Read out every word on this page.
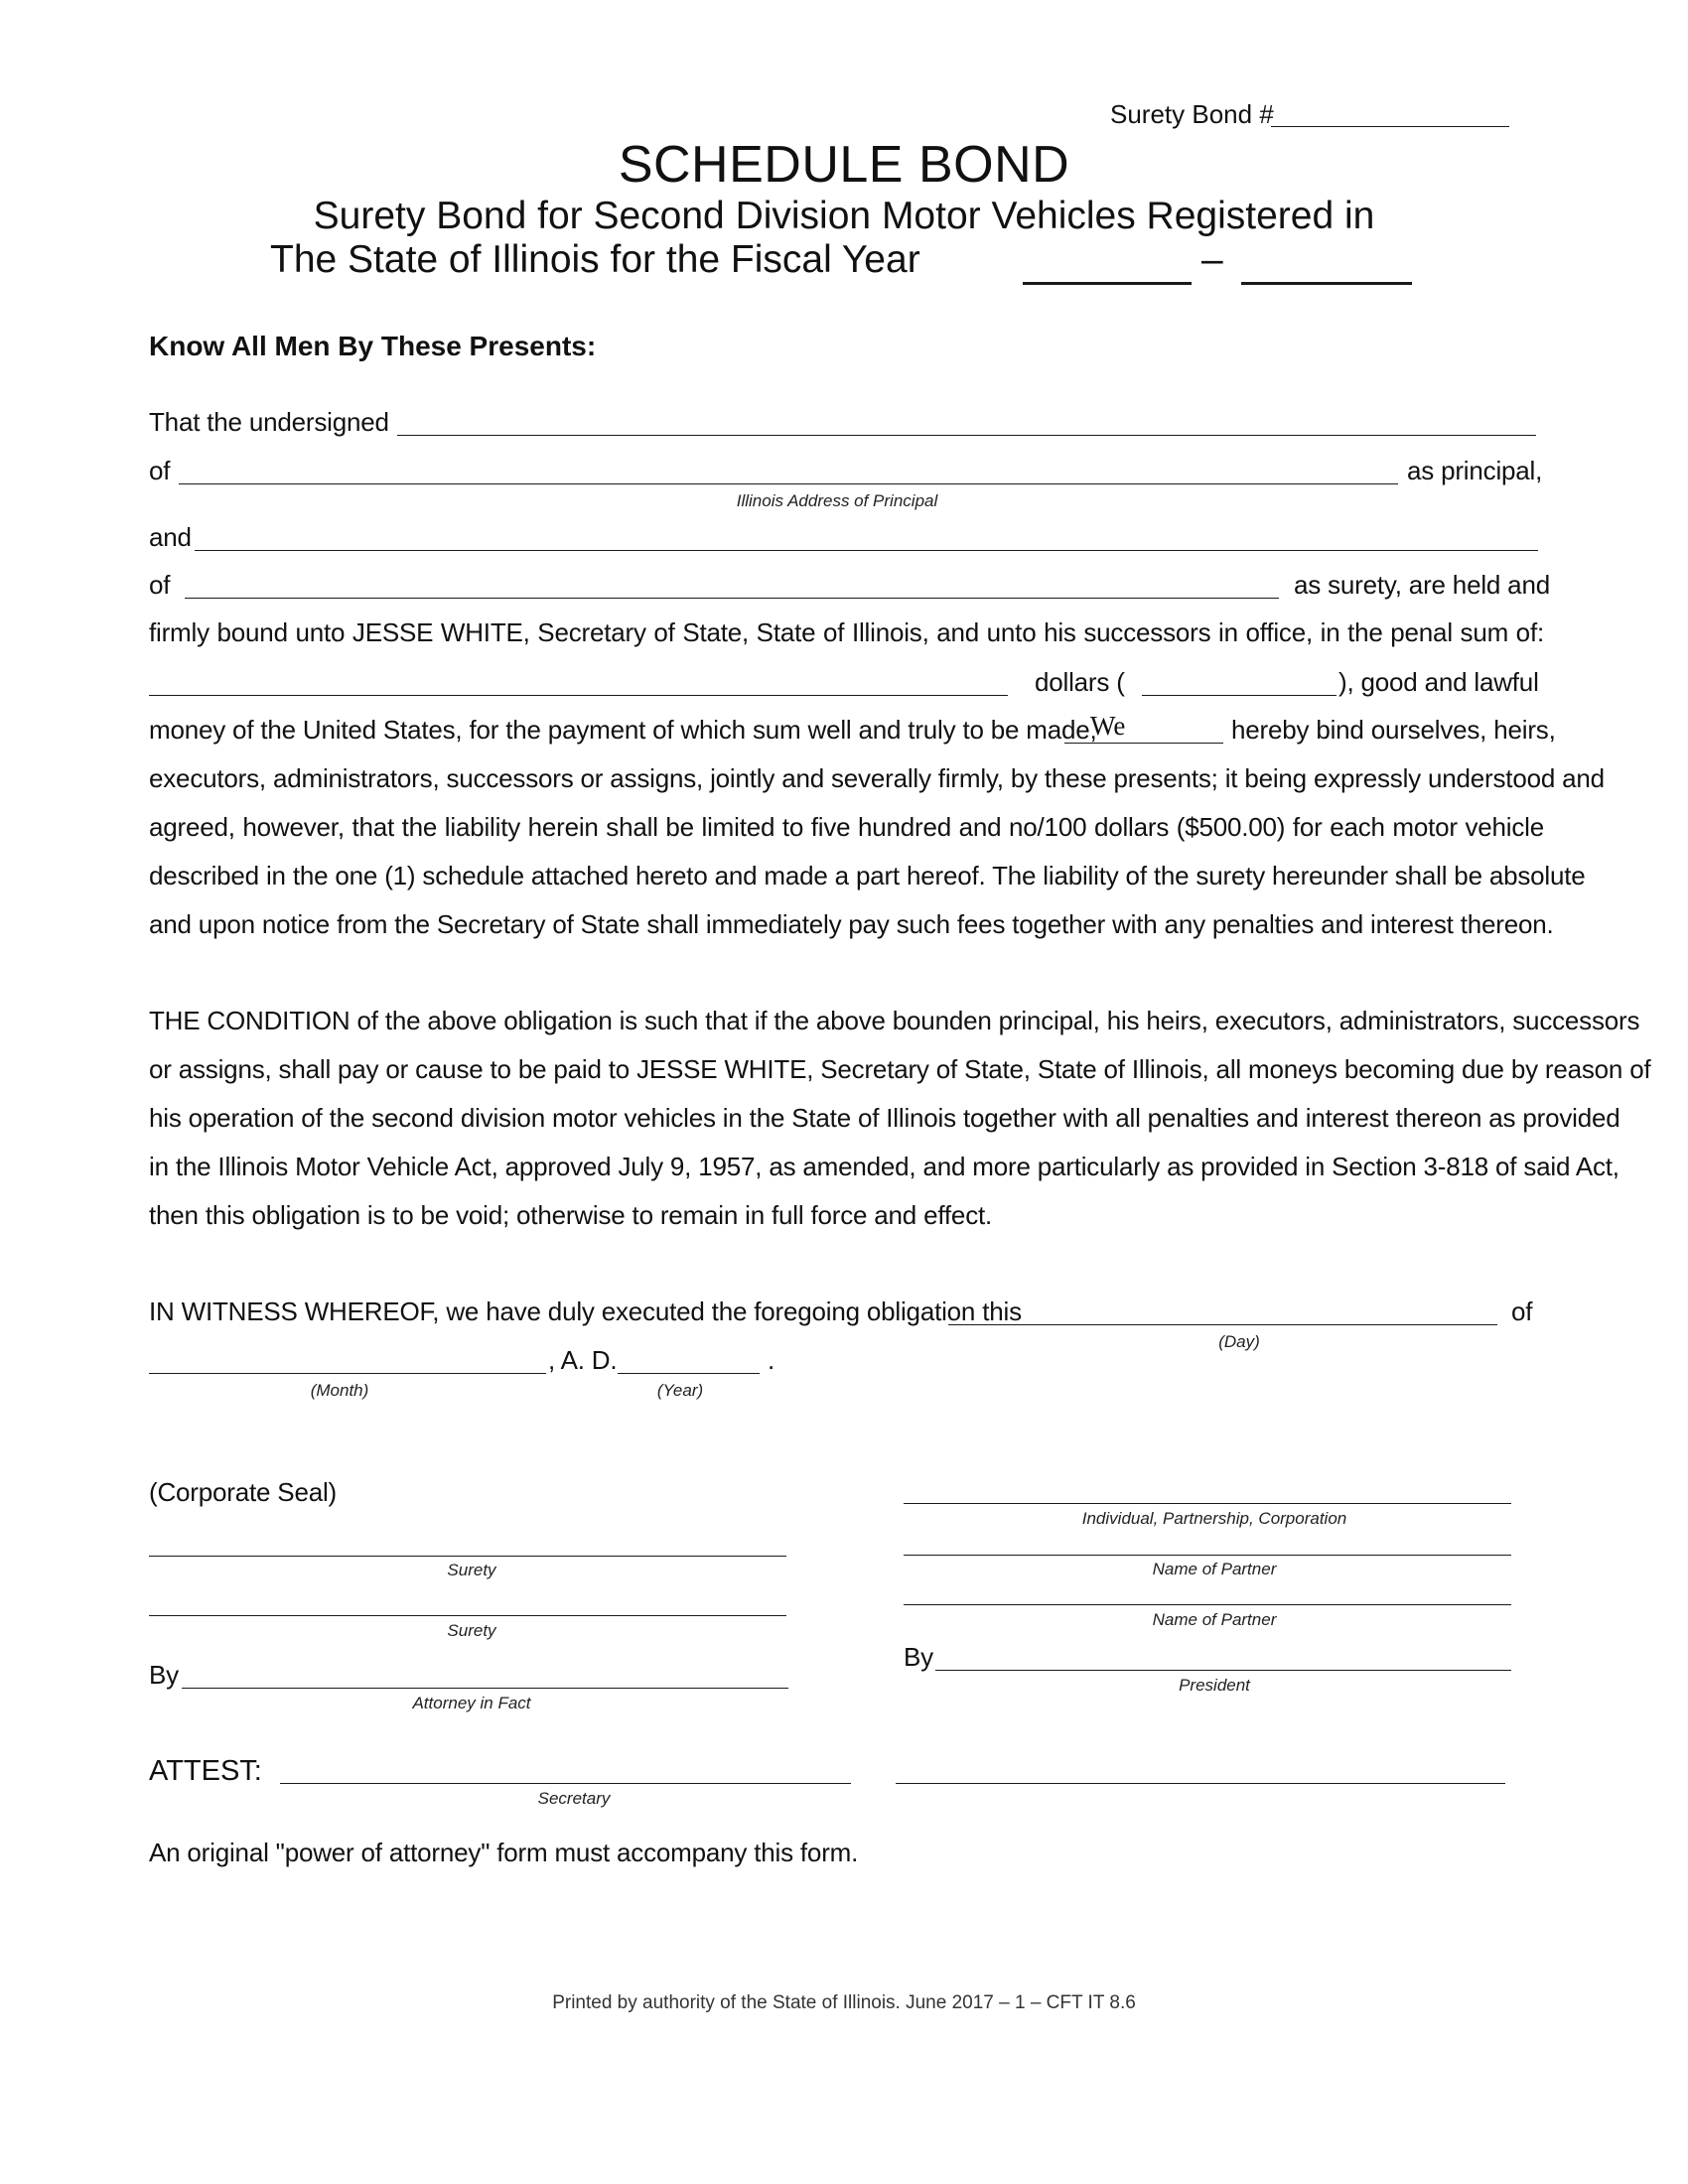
Surety Bond #
SCHEDULE BOND
Surety Bond for Second Division Motor Vehicles Registered in
The State of Illinois for the Fiscal Year	–
Know All Men By These Presents:
That the undersigned
of	as principal,
Illinois Address of Principal
and
of	as surety, are held and
firmly bound unto JESSE WHITE, Secretary of State, State of Illinois, and unto his successors in office, in the penal sum of:
dollars (	), good and lawful
money of the United States, for the payment of which sum well and truly to be made,
We	hereby bind ourselves, heirs,
executors, administrators, successors or assigns, jointly and severally firmly, by these presents; it being expressly understood and
agreed, however, that the liability herein shall be limited to five hundred and no/100 dollars ($500.00) for each motor vehicle
described in the one (1) schedule attached hereto and made a part hereof. The liability of the surety hereunder shall be absolute
and upon notice from the Secretary of State shall immediately pay such fees together with any penalties and interest thereon.
THE CONDITION of the above obligation is such that if the above bounden principal, his heirs, executors, administrators, successors
or assigns, shall pay or cause to be paid to JESSE WHITE, Secretary of State, State of Illinois, all moneys becoming due by reason of
his operation of the second division motor vehicles in the State of Illinois together with all penalties and interest thereon as provided
in the Illinois Motor Vehicle Act, approved July 9, 1957, as amended, and more particularly as provided in Section 3-818 of said Act,
then this obligation is to be void; otherwise to remain in full force and effect.
IN WITNESS WHEREOF, we have duly executed the foregoing obligation this	of
(Day)
, A. D.	.
(Month)	(Year)
(Corporate Seal)
Surety
Surety
By
Attorney in Fact
Individual, Partnership, Corporation
Name of Partner
Name of Partner
By
President
ATTEST:
Secretary
An original "power of attorney" form must accompany this form.
Printed by authority of the State of Illinois. June 2017 – 1 – CFT IT 8.6
